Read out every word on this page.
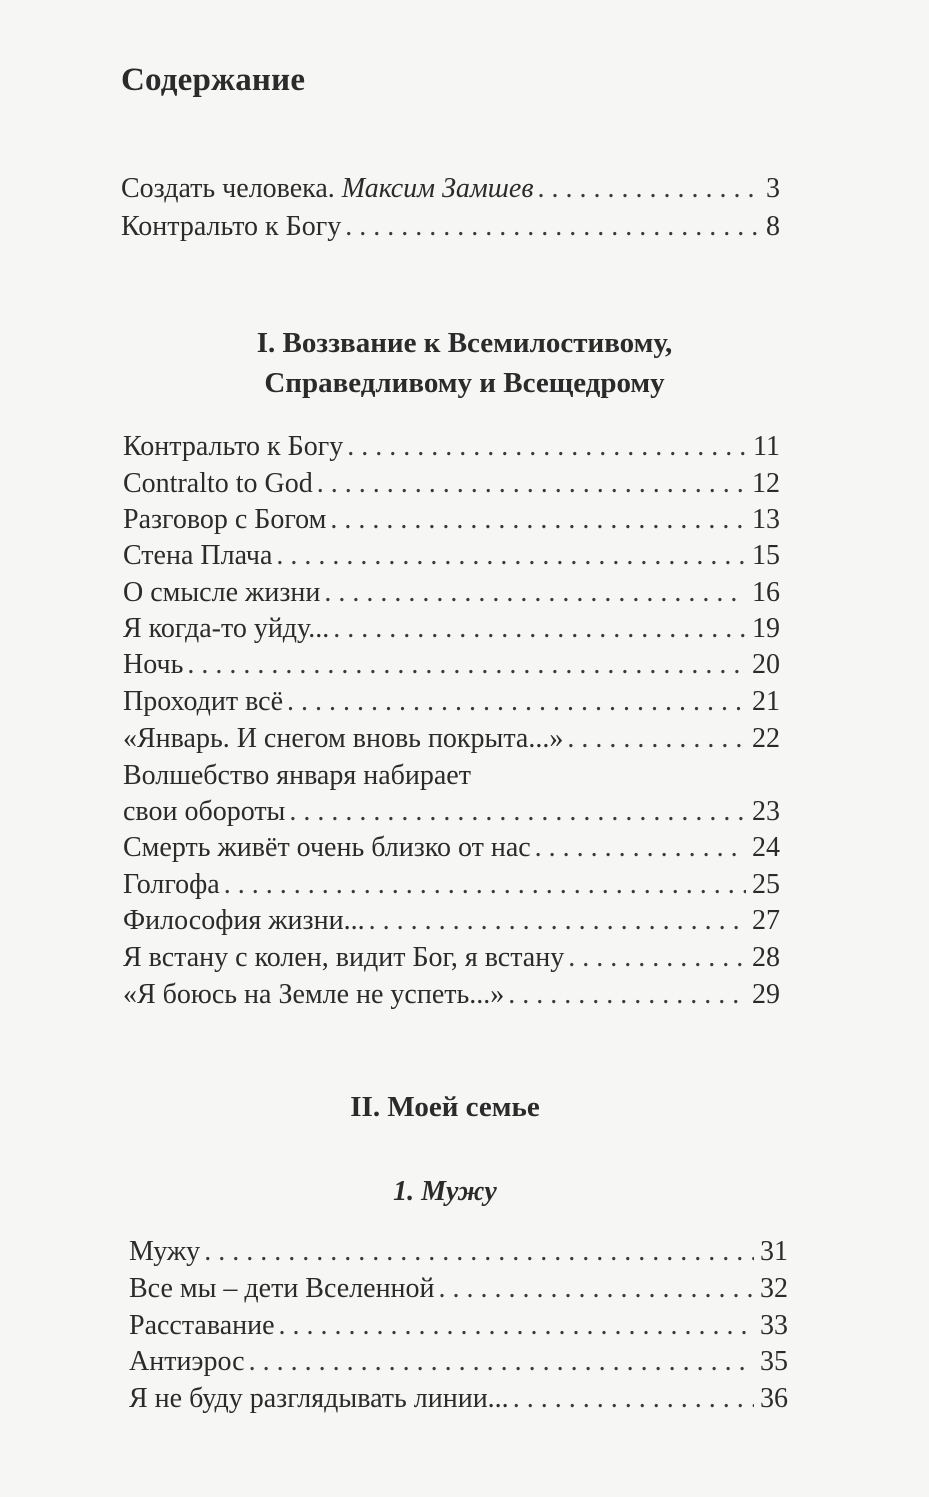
Содержание
Создать человека. Максим Замшев . . .	3
Контральто к Богу . . .	8
I. Воззвание к Всемилостивому,
Справедливому и Всещедрому
Контральто к Богу . . .	11
Contralto to God . . .	12
Разговор с Богом . . .	13
Стена Плача . . .	15
О смысле жизни . . .	16
Я когда-то уйду... . . .	19
Ночь . . .	20
Проходит всё . . .	21
«Январь. И снегом вновь покрыта...» . . .	22
Волшебство января набирает
свои обороты . . .	23
Смерть живёт очень близко от нас . . .	24
Голгофа . . .	25
Философия жизни... . . .	27
Я встану с колен, видит Бог, я встану . . .	28
«Я боюсь на Земле не успеть...» . . .	29
II. Моей семье
1. Мужу
Мужу . . .	31
Все мы – дети Вселенной . . .	32
Расставание . . .	33
Антиэрос . . .	35
Я не буду разглядывать линии... . . .	36
